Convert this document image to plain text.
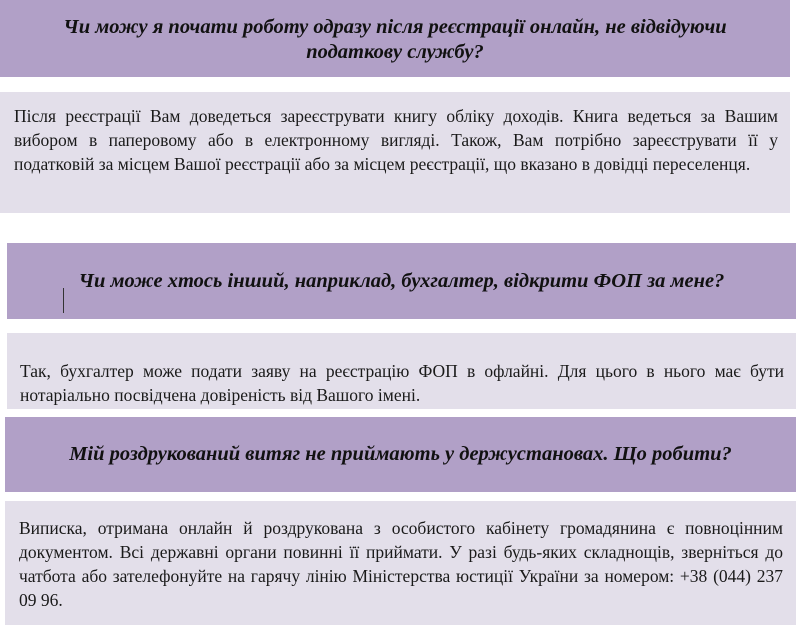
Чи можу я почати роботу одразу після реєстрації онлайн, не відвідуючи податкову службу?

Після реєстрації Вам доведеться зареєструвати книгу обліку доходів. Книга ведеться за Вашим вибором в паперовому або в електронному вигляді. Також, Вам потрібно зареєструвати її у податковій за місцем Вашої реєстрації або за місцем реєстрації, що вказано в довідці переселенця.

Чи може хтось інший, наприклад, бухгалтер, відкрити ФОП за мене?

Так, бухгалтер може подати заяву на реєстрацію ФОП в офлайні. Для цього в нього має бути нотаріально посвідчена довіреність від Вашого імені.

Мій роздрукований витяг не приймають у держустановах. Що робити?

Виписка, отримана онлайн й роздрукована з особистого кабінету громадянина є повноцінним документом. Всі державні органи повинні її приймати. У разі будь-яких складнощів, зверніться до чатбота або зателефонуйте на гарячу лінію Міністерства юстиції України за номером: +38 (044) 237 09 96.
